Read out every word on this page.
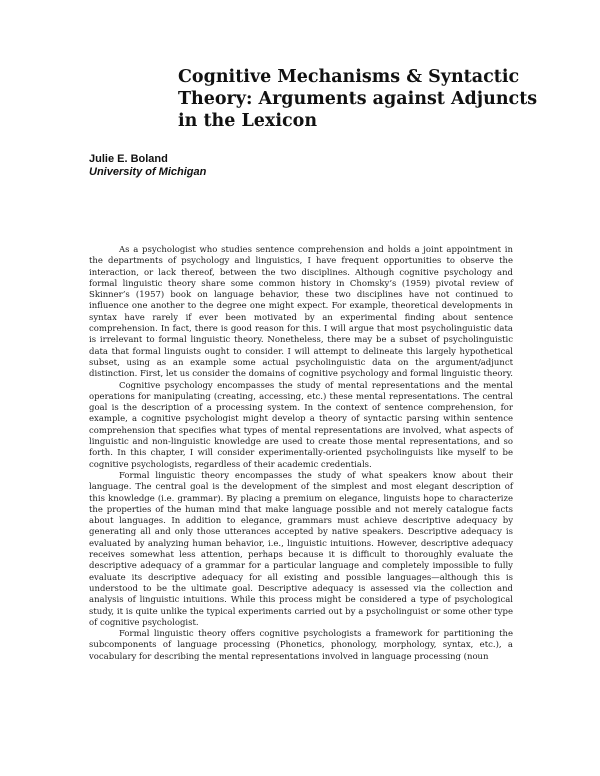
Cognitive Mechanisms & Syntactic Theory: Arguments against Adjuncts in the Lexicon
Julie E. Boland
University of Michigan

As a psychologist who studies sentence comprehension and holds a joint appointment in the departments of psychology and linguistics, I have frequent opportunities to observe the interaction, or lack thereof, between the two disciplines. Although cognitive psychology and formal linguistic theory share some common history in Chomsky’s (1959) pivotal review of Skinner’s (1957) book on language behavior, these two disciplines have not continued to influence one another to the degree one might expect. For example, theoretical developments in syntax have rarely if ever been motivated by an experimental finding about sentence comprehension. In fact, there is good reason for this. I will argue that most psycholinguistic data is irrelevant to formal linguistic theory. Nonetheless, there may be a subset of psycholinguistic data that formal linguists ought to consider. I will attempt to delineate this largely hypothetical subset, using as an example some actual psycholinguistic data on the argument/adjunct distinction. First, let us consider the domains of cognitive psychology and formal linguistic theory.

Cognitive psychology encompasses the study of mental representations and the mental operations for manipulating (creating, accessing, etc.) these mental representations. The central goal is the description of a processing system. In the context of sentence comprehension, for example, a cognitive psychologist might develop a theory of syntactic parsing within sentence comprehension that specifies what types of mental representations are involved, what aspects of linguistic and non-linguistic knowledge are used to create those mental representations, and so forth. In this chapter, I will consider experimentally-oriented psycholinguists like myself to be cognitive psychologists, regardless of their academic credentials.

Formal linguistic theory encompasses the study of what speakers know about their language. The central goal is the development of the simplest and most elegant description of this knowledge (i.e. grammar). By placing a premium on elegance, linguists hope to characterize the properties of the human mind that make language possible and not merely catalogue facts about languages. In addition to elegance, grammars must achieve descriptive adequacy by generating all and only those utterances accepted by native speakers. Descriptive adequacy is evaluated by analyzing human behavior, i.e., linguistic intuitions. However, descriptive adequacy receives somewhat less attention, perhaps because it is difficult to thoroughly evaluate the descriptive adequacy of a grammar for a particular language and completely impossible to fully evaluate its descriptive adequacy for all existing and possible languages—although this is understood to be the ultimate goal. Descriptive adequacy is assessed via the collection and analysis of linguistic intuitions. While this process might be considered a type of psychological study, it is quite unlike the typical experiments carried out by a psycholinguist or some other type of cognitive psychologist.

Formal linguistic theory offers cognitive psychologists a framework for partitioning the subcomponents of language processing (Phonetics, phonology, morphology, syntax, etc.), a vocabulary for describing the mental representations involved in language processing (noun
